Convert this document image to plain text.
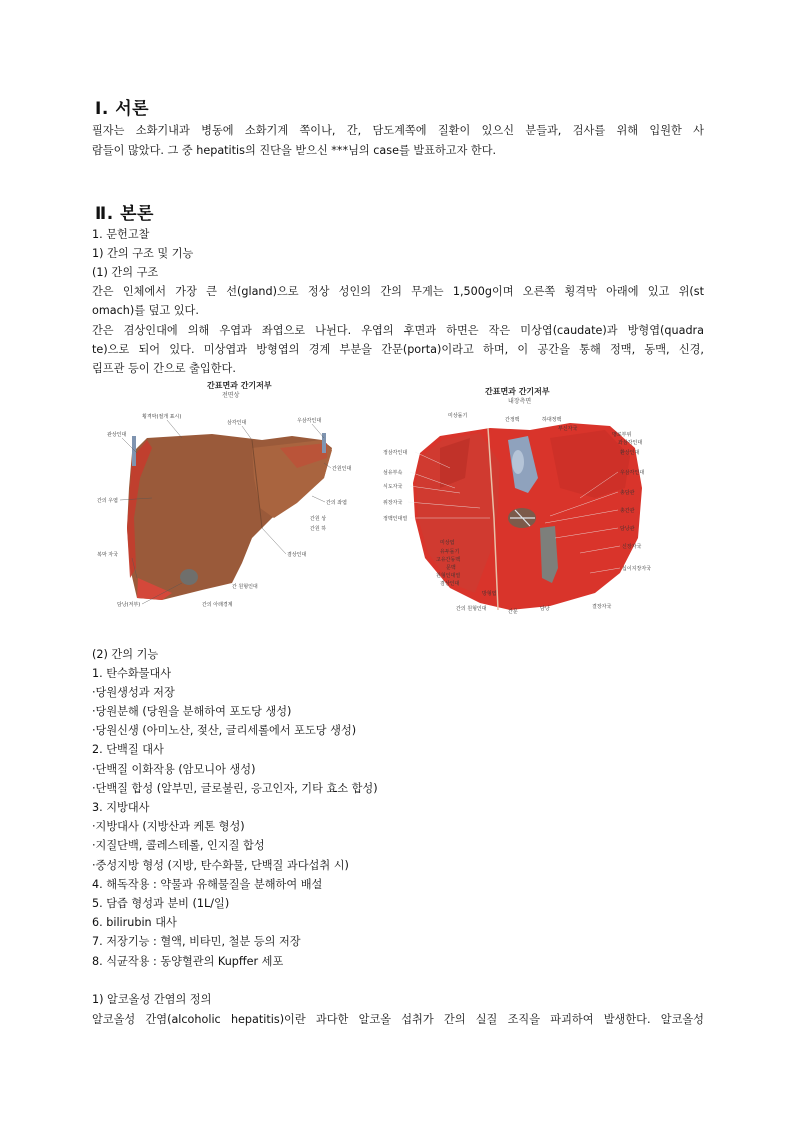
Ⅰ. 서론
필자는 소화기내과 병동에 소화기계 쪽이나, 간, 담도계쪽에 질환이 있으신 분들과, 검사를 위해 입원한 사
람들이 많았다. 그 중 hepatitis의 진단을 받으신 ***님의 case를 발표하고자 한다.
Ⅱ. 본론
1. 문헌고찰
1) 간의 구조 및 기능
(1) 간의 구조
간은 인체에서 가장 큰 선(gland)으로 정상 성인의 간의 무게는 1,500g이며 오른쪽 횡격막 아래에 있고 위(st
omach)를 덮고 있다.
간은 겸상인대에 의해 우엽과 좌엽으로 나뉜다. 우엽의 후면과 하면은 작은 미상엽(caudate)과 방형엽(quadra
te)으로 되어 있다. 미상엽과 방형엽의 경계 부분을 간문(porta)이라고 하며, 이 공간을 통해 정맥, 동맥, 신경,
림프관 등이 간으로 출입한다.
간표면과 간기저부
전면상
횡격막(절개 표시)
관상인대
삼각인대	우삼각인대
간의 우엽	간의 좌엽
간원인대
겸상인대
간 원형인대
간의 아래경계
복막 자국
담낭(저부)
간원 하
간원 상
간표면과 간기저부
내장측면
미상돌기
간정맥	하대정맥
부신자국
맹로부위
좌삼각인대
환상인대
정삼각인대
섬유부속
식도자국
위장자국
정맥인대열
우삼각인대
총담관
총간관
담낭관
미상엽
유두돌기
고유간동맥
문맥
원형인대열
겸상인대
방형엽
간의 원형인대	간문	담낭
신장자국
십이지장자국
결장자국
(2) 간의 기능
1. 탄수화물대사
·당원생성과 저장
·당원분해 (당원을 분해하여 포도당 생성)
·당원신생 (아미노산, 젖산, 글리세롤에서 포도당 생성)
2. 단백질 대사
·단백질 이화작용 (암모니아 생성)
·단백질 합성 (알부민, 글로불린, 응고인자, 기타 효소 합성)
3. 지방대사
·지방대사 (지방산과 케톤 형성)
·지질단백, 콜레스테롤, 인지질 합성
·중성지방 형성 (지방, 탄수화물, 단백질 과다섭취 시)
4. 해독작용 : 약물과 유해물질을 분해하여 배설
5. 담즙 형성과 분비 (1L/일)
6. bilirubin 대사
7. 저장기능 : 혈액, 비타민, 철분 등의 저장
8. 식균작용 : 동양혈관의 Kupffer 세포
1) 알코올성 간염의 정의
알코올성 간염(alcoholic hepatitis)이란 과다한 알코올 섭취가 간의 실질 조직을 파괴하여 발생한다. 알코올성
